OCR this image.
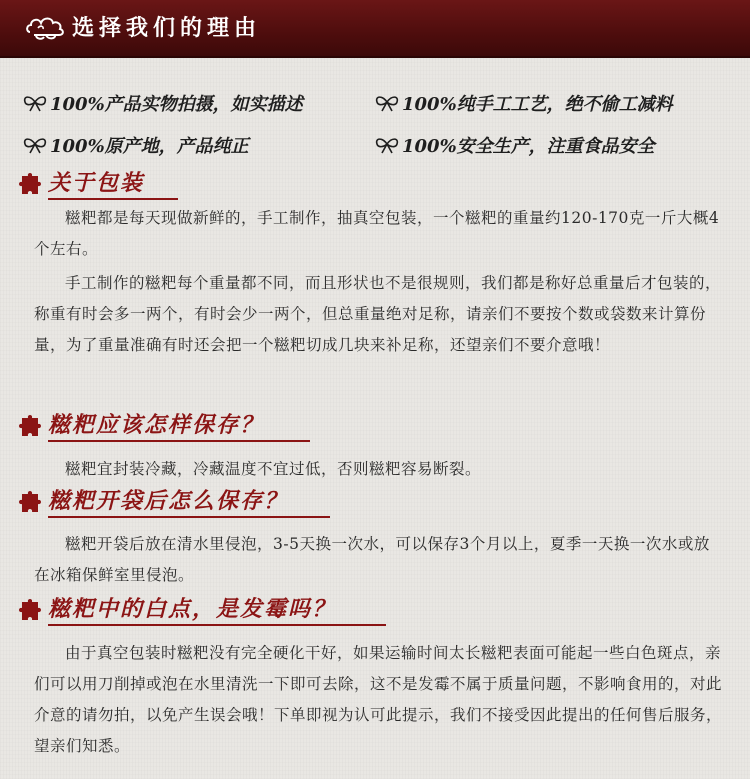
选择我们的理由
100%产品实物拍摄，如实描述	100%纯手工工艺，绝不偷工减料
100%原产地，产品纯正	100%安全生产，注重食品安全
关于包装
糍粑都是每天现做新鲜的，手工制作，抽真空包装，一个糍粑的重量约120-170克一斤大概4个左右。
手工制作的糍粑每个重量都不同，而且形状也不是很规则，我们都是称好总重量后才包装的，称重有时会多一两个，有时会少一两个，但总重量绝对足称，请亲们不要按个数或袋数来计算份量，为了重量准确有时还会把一个糍粑切成几块来补足称，还望亲们不要介意哦！
糍粑应该怎样保存？
糍粑宜封装冷藏，冷藏温度不宜过低，否则糍粑容易断裂。
糍粑开袋后怎么保存？
糍粑开袋后放在清水里侵泡，3-5天换一次水，可以保存3个月以上，夏季一天换一次水或放在冰箱保鲜室里侵泡。
糍粑中的白点，是发霉吗？
由于真空包装时糍粑没有完全硬化干好，如果运输时间太长糍粑表面可能起一些白色斑点，亲们可以用刀削掉或泡在水里清洗一下即可去除，这不是发霉不属于质量问题，不影响食用的，对此介意的请勿拍，以免产生误会哦！下单即视为认可此提示，我们不接受因此提出的任何售后服务，望亲们知悉。
